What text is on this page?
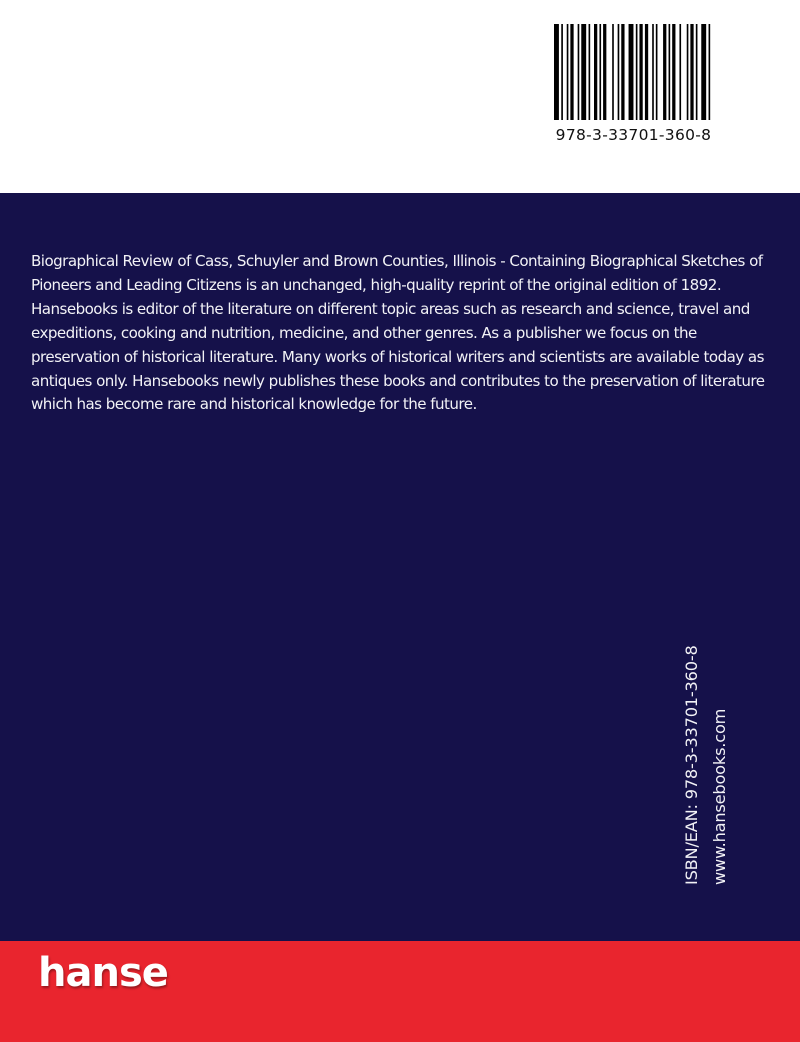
978-3-33701-360-8

Biographical Review of Cass, Schuyler and Brown Counties, Illinois - Containing Biographical Sketches of Pioneers and Leading Citizens is an unchanged, high-quality reprint of the original edition of 1892.

Hansebooks is editor of the literature on different topic areas such as research and science, travel and expeditions, cooking and nutrition, medicine, and other genres. As a publisher we focus on the preservation of historical literature. Many works of historical writers and scientists are available today as antiques only. Hansebooks newly publishes these books and contributes to the preservation of literature which has become rare and historical knowledge for the future.

ISBN/EAN: 978-3-33701-360-8 www.hansebooks.com
hanse
